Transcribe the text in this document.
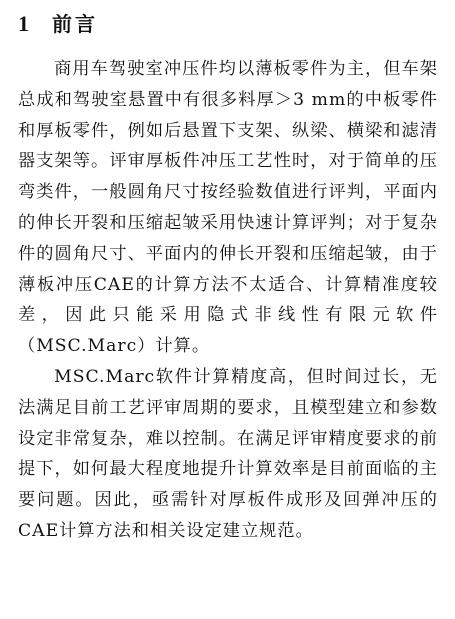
1	前言

商用车驾驶室冲压件均以薄板零件为主，但车架总成和驾驶室悬置中有很多料厚＞3 mm的中板零件和厚板零件，例如后悬置下支架、纵梁、横梁和滤清器支架等。评审厚板件冲压工艺性时，对于简单的压弯类件，一般圆角尺寸按经验数值进行评判，平面内的伸长开裂和压缩起皱采用快速计算评判；对于复杂件的圆角尺寸、平面内的伸长开裂和压缩起皱，由于薄板冲压CAE的计算方法不太适合、计算精准度较差，因此只能采用隐式非线性有限元软件（MSC.Marc）计算。

MSC.Marc软件计算精度高，但时间过长，无法满足目前工艺评审周期的要求，且模型建立和参数设定非常复杂，难以控制。在满足评审精度要求的前提下，如何最大程度地提升计算效率是目前面临的主要问题。因此，亟需针对厚板件成形及回弹冲压的CAE计算方法和相关设定建立规范。
